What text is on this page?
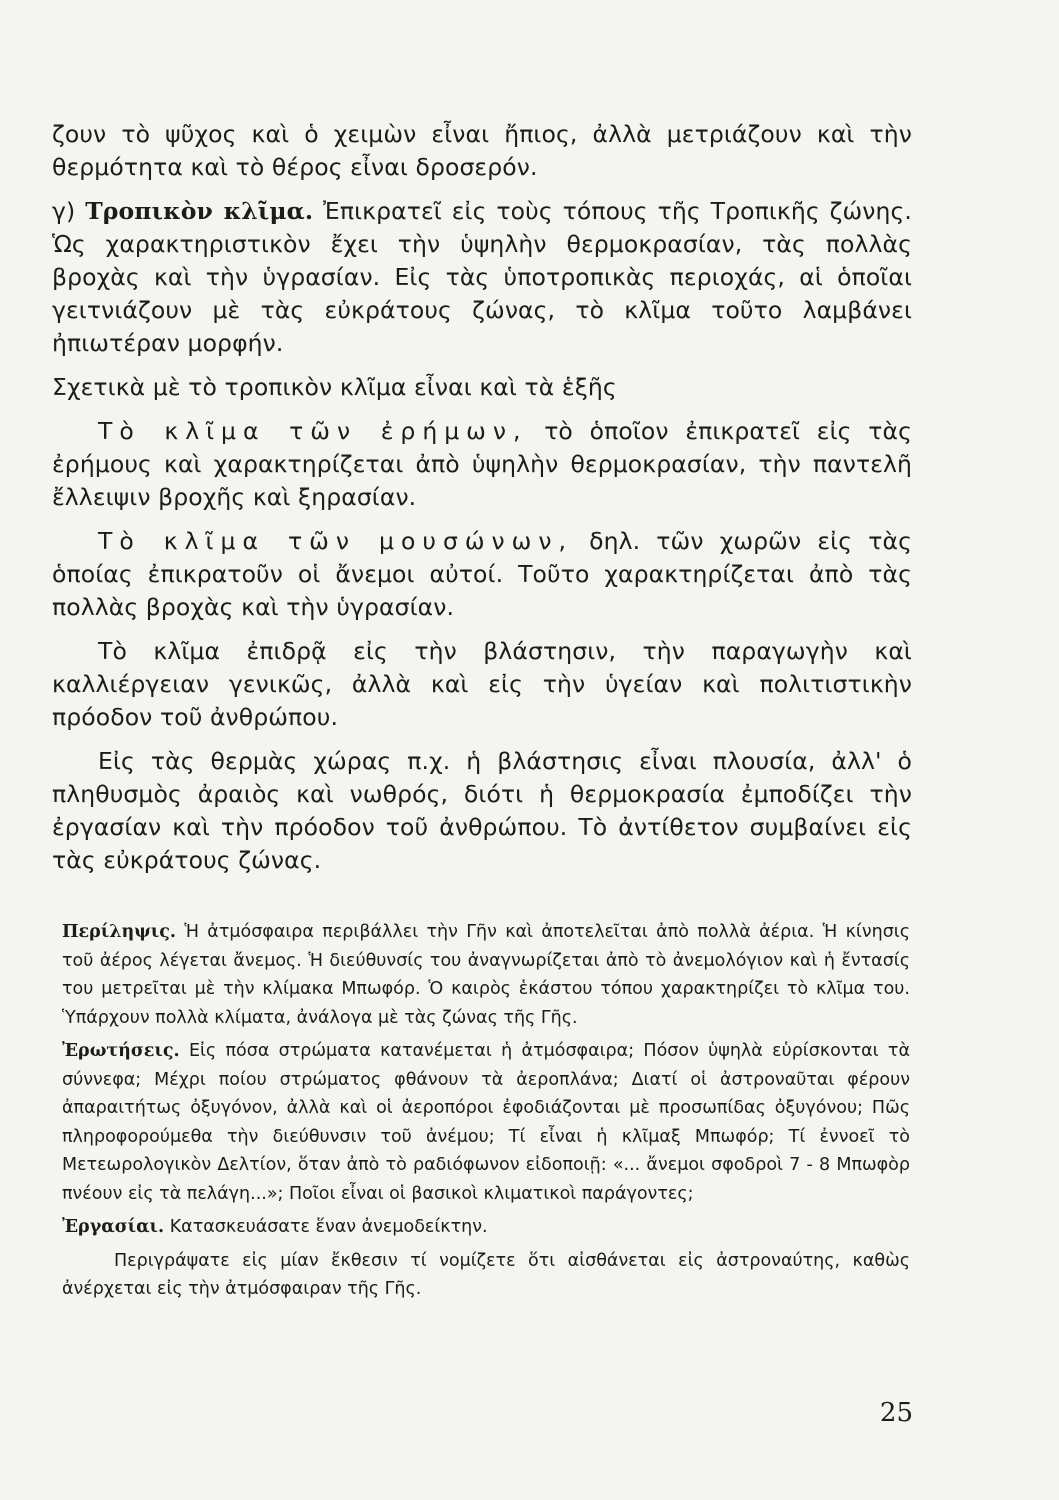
ζουν τὸ ψῦχος καὶ ὁ χειμὼν εἶναι ἤπιος, ἀλλὰ μετριάζουν καὶ τὴν θερμότητα καὶ τὸ θέρος εἶναι δροσερόν.

γ) Τροπικὸν κλῖμα. Ἐπικρατεῖ εἰς τοὺς τόπους τῆς Τροπικῆς ζώνης. Ὡς χαρακτηριστικὸν ἔχει τὴν ὑψηλὴν θερμοκρασίαν, τὰς πολλὰς βροχὰς καὶ τὴν ὑγρασίαν. Εἰς τὰς ὑποτροπικὰς περιοχάς, αἱ ὁποῖαι γειτνιάζουν μὲ τὰς εὐκράτους ζώνας, τὸ κλῖμα τοῦτο λαμβάνει ἠπιωτέραν μορφήν.

Σχετικὰ μὲ τὸ τροπικὸν κλῖμα εἶναι καὶ τὰ ἑξῆς

Τὸ κλῖμα τῶν ἐρήμων, τὸ ὁποῖον ἐπικρατεῖ εἰς τὰς ἐρήμους καὶ χαρακτηρίζεται ἀπὸ ὑψηλὴν θερμοκρασίαν, τὴν παντελῆ ἔλλειψιν βροχῆς καὶ ξηρασίαν.

Τὸ κλῖμα τῶν μουσώνων, δηλ. τῶν χωρῶν εἰς τὰς ὁποίας ἐπικρατοῦν οἱ ἄνεμοι αὐτοί. Τοῦτο χαρακτηρίζεται ἀπὸ τὰς πολλὰς βροχὰς καὶ τὴν ὑγρασίαν.

Τὸ κλῖμα ἐπιδρᾷ εἰς τὴν βλάστησιν, τὴν παραγωγὴν καὶ καλλιέργειαν γενικῶς, ἀλλὰ καὶ εἰς τὴν ὑγείαν καὶ πολιτιστικὴν πρόοδον τοῦ ἀνθρώπου.

Εἰς τὰς θερμὰς χώρας π.χ. ἡ βλάστησις εἶναι πλουσία, ἀλλ' ὁ πληθυσμὸς ἀραιὸς καὶ νωθρός, διότι ἡ θερμοκρασία ἐμποδίζει τὴν ἐργασίαν καὶ τὴν πρόοδον τοῦ ἀνθρώπου. Τὸ ἀντίθετον συμβαίνει εἰς τὰς εὐκράτους ζώνας.

Περίληψις. Ἡ ἀτμόσφαιρα περιβάλλει τὴν Γῆν καὶ ἀποτελεῖται ἀπὸ πολλὰ ἀέρια. Ἡ κίνησις τοῦ ἀέρος λέγεται ἄνεμος. Ἡ διεύθυνσίς του ἀναγνωρίζεται ἀπὸ τὸ ἀνεμολόγιον καὶ ἡ ἔντασίς του μετρεῖται μὲ τὴν κλίμακα Μπωφόρ. Ὁ καιρὸς ἑκάστου τόπου χαρακτηρίζει τὸ κλῖμα του. Ὑπάρχουν πολλὰ κλίματα, ἀνάλογα μὲ τὰς ζώνας τῆς Γῆς.

Ἐρωτήσεις. Εἰς πόσα στρώματα κατανέμεται ἡ ἀτμόσφαιρα; Πόσον ὑψηλὰ εὑρίσκονται τὰ σύννεφα; Μέχρι ποίου στρώματος φθάνουν τὰ ἀεροπλάνα; Διατί οἱ ἀστροναῦται φέρουν ἀπαραιτήτως ὀξυγόνον, ἀλλὰ καὶ οἱ ἀεροπόροι ἐφοδιάζονται μὲ προσωπίδας ὀξυγόνου; Πῶς πληροφορούμεθα τὴν διεύθυνσιν τοῦ ἀνέμου; Τί εἶναι ἡ κλῖμαξ Μπωφόρ; Τί ἐννοεῖ τὸ Μετεωρολογικὸν Δελτίον, ὅταν ἀπὸ τὸ ραδιόφωνον εἰδοποιῇ: «... ἄνεμοι σφοδροὶ 7 - 8 Μπωφὸρ πνέουν εἰς τὰ πελάγη...»; Ποῖοι εἶναι οἱ βασικοὶ κλιματικοὶ παράγοντες;

Ἐργασίαι. Κατασκευάσατε ἕναν ἀνεμοδείκτην.

Περιγράψατε εἰς μίαν ἔκθεσιν τί νομίζετε ὅτι αἰσθάνεται εἰς ἀστροναύτης, καθὼς ἀνέρχεται εἰς τὴν ἀτμόσφαιραν τῆς Γῆς.

25
